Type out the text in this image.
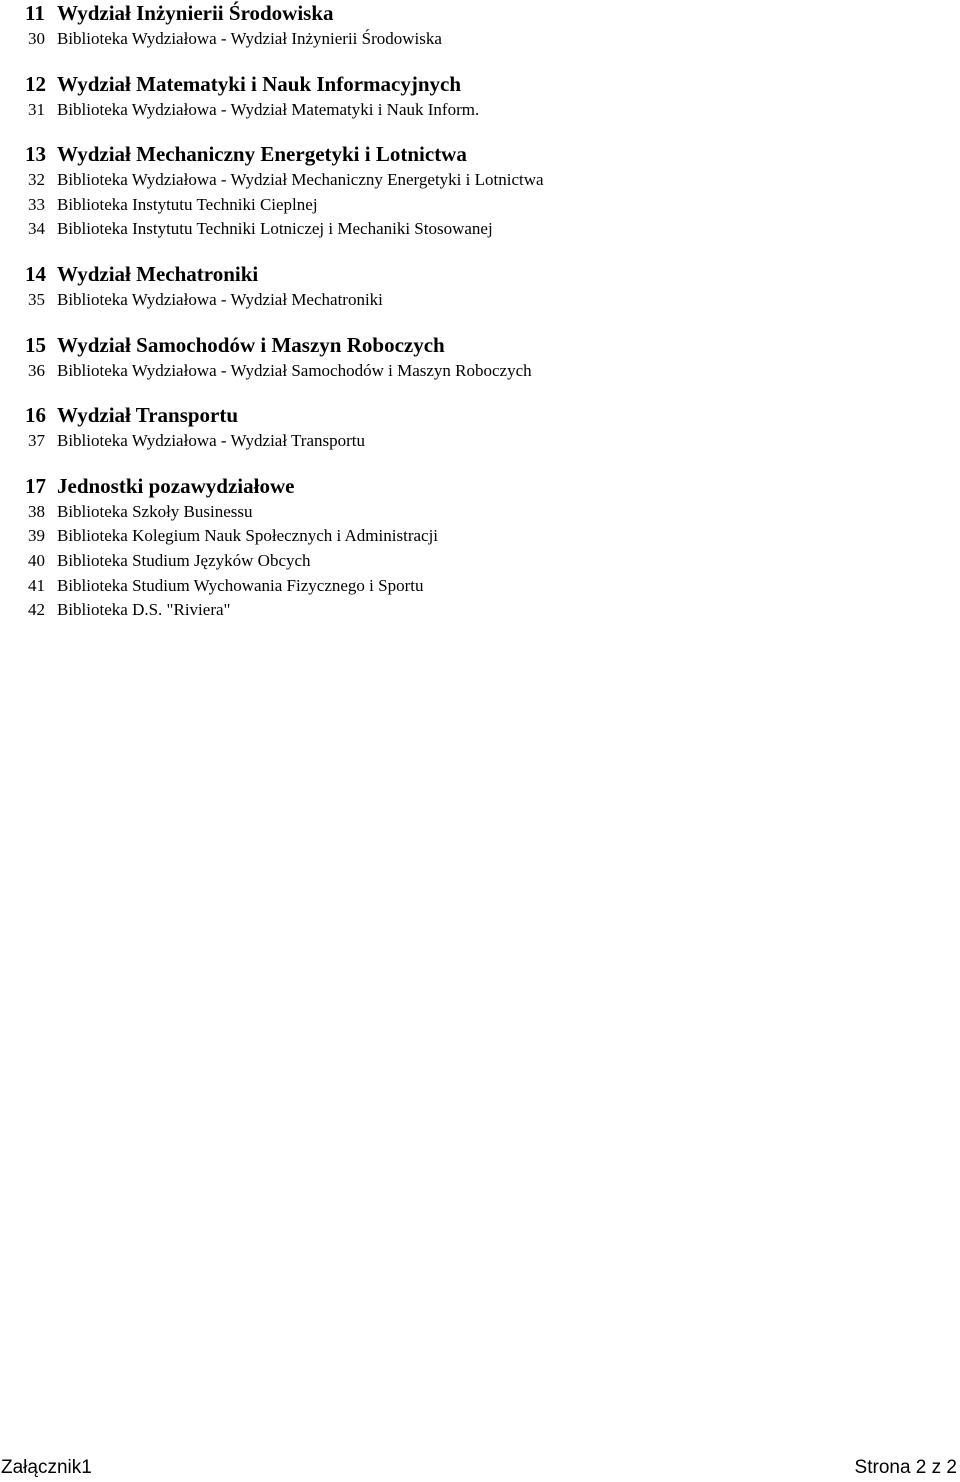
11 Wydział Inżynierii Środowiska
30 Biblioteka Wydziałowa - Wydział Inżynierii Środowiska
12 Wydział Matematyki i Nauk Informacyjnych
31 Biblioteka Wydziałowa - Wydział Matematyki i Nauk Inform.
13 Wydział Mechaniczny Energetyki i Lotnictwa
32 Biblioteka Wydziałowa - Wydział Mechaniczny Energetyki i Lotnictwa
33 Biblioteka Instytutu Techniki Cieplnej
34 Biblioteka Instytutu Techniki Lotniczej i Mechaniki Stosowanej
14 Wydział Mechatroniki
35 Biblioteka Wydziałowa - Wydział Mechatroniki
15 Wydział Samochodów i Maszyn Roboczych
36 Biblioteka Wydziałowa - Wydział Samochodów i Maszyn Roboczych
16 Wydział Transportu
37 Biblioteka Wydziałowa - Wydział Transportu
17 Jednostki pozawydziałowe
38 Biblioteka Szkoły Businessu
39 Biblioteka Kolegium Nauk Społecznych i Administracji
40 Biblioteka Studium Języków Obcych
41 Biblioteka Studium Wychowania Fizycznego i Sportu
42 Biblioteka D.S. "Riviera"
Załącznik1	Strona 2 z 2
